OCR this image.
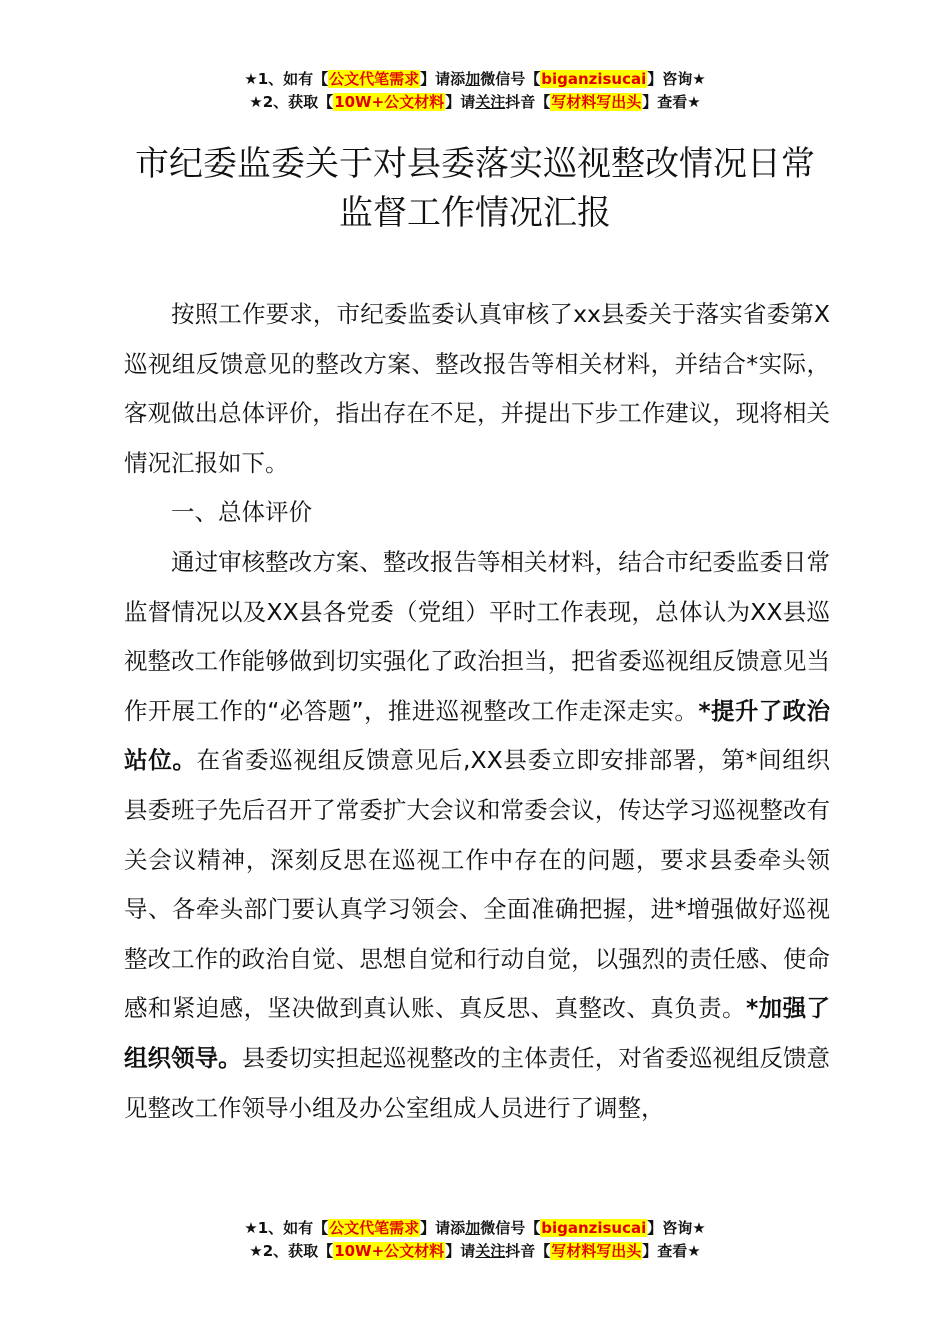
★1、如有【公文代笔需求】请添加微信号【biganzisucai】咨询★
★2、获取【10W+公文材料】请关注抖音【写材料写出头】查看★
市纪委监委关于对县委落实巡视整改情况日常
监督工作情况汇报

按照工作要求，市纪委监委认真审核了xx县委关于落实省委第X巡视组反馈意见的整改方案、整改报告等相关材料，并结合*实际，客观做出总体评价，指出存在不足，并提出下步工作建议，现将相关情况汇报如下。

一、总体评价

通过审核整改方案、整改报告等相关材料，结合市纪委监委日常监督情况以及XX县各党委（党组）平时工作表现，总体认为XX县巡视整改工作能够做到切实强化了政治担当，把省委巡视组反馈意见当作开展工作的“必答题”，推进巡视整改工作走深走实。*提升了政治站位。在省委巡视组反馈意见后,XX县委立即安排部署，第*间组织县委班子先后召开了常委扩大会议和常委会议，传达学习巡视整改有关会议精神，深刻反思在巡视工作中存在的问题，要求县委牵头领导、各牵头部门要认真学习领会、全面准确把握，进*增强做好巡视整改工作的政治自觉、思想自觉和行动自觉，以强烈的责任感、使命感和紧迫感，坚决做到真认账、真反思、真整改、真负责。*加强了组织领导。县委切实担起巡视整改的主体责任，对省委巡视组反馈意见整改工作领导小组及办公室组成人员进行了调整，

★1、如有【公文代笔需求】请添加微信号【biganzisucai】咨询★
★2、获取【10W+公文材料】请关注抖音【写材料写出头】查看★
